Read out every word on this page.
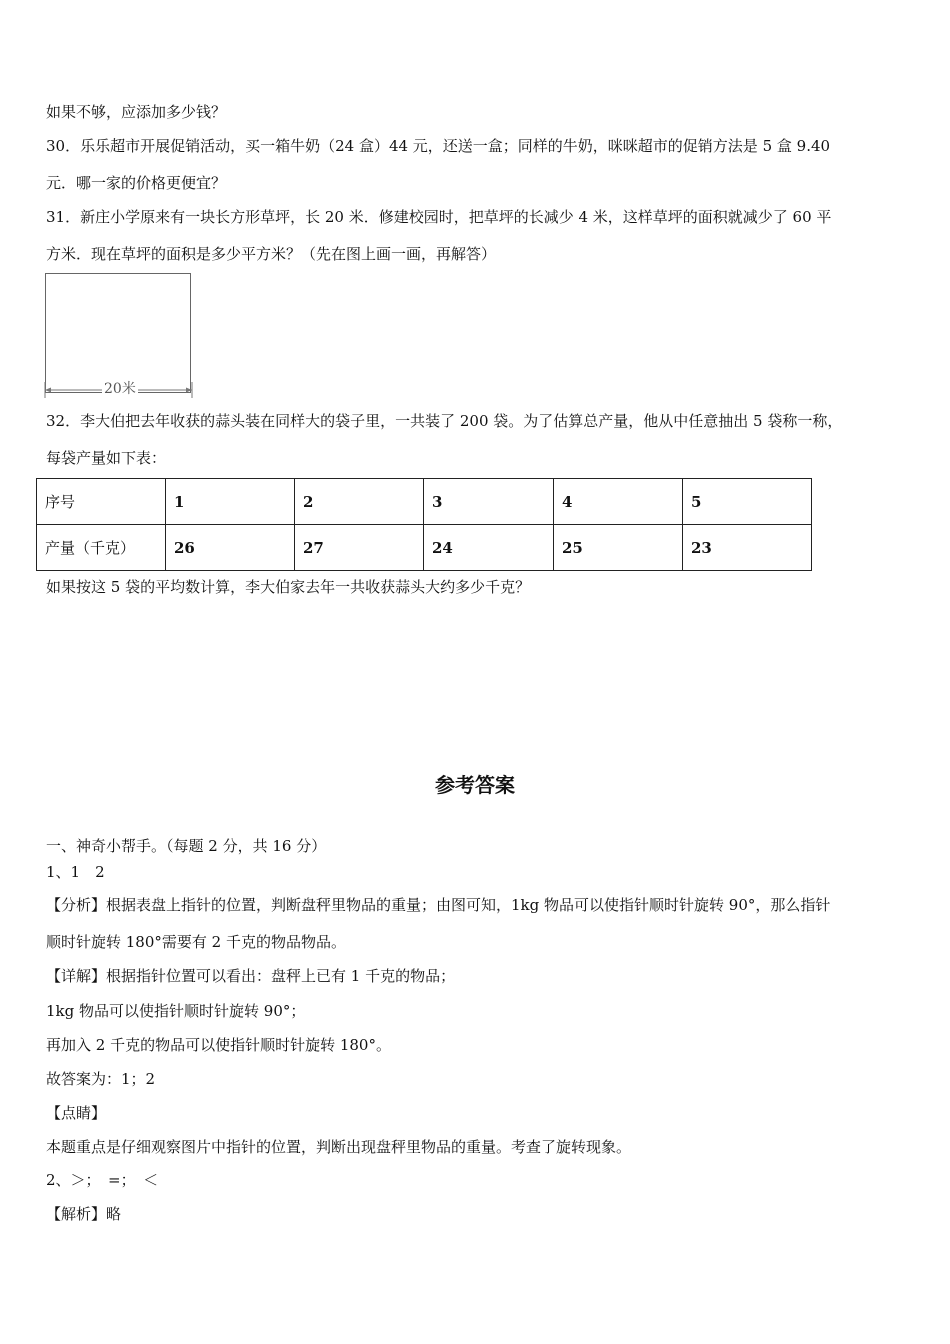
如果不够，应添加多少钱？
30．乐乐超市开展促销活动，买一箱牛奶（24 盒）44 元，还送一盒；同样的牛奶，咪咪超市的促销方法是 5 盒 9.40
元．哪一家的价格更便宜？
31．新庄小学原来有一块长方形草坪，长 20 米．修建校园时，把草坪的长减少 4 米，这样草坪的面积就减少了 60 平
方米．现在草坪的面积是多少平方米？（先在图上画一画，再解答）
20米
32．李大伯把去年收获的蒜头装在同样大的袋子里，一共装了 200 袋。为了估算总产量，他从中任意抽出 5 袋称一称，
每袋产量如下表：
序号	1	2	3	4	5
产量（千克）	26	27	24	25	23
如果按这 5 袋的平均数计算，李大伯家去年一共收获蒜头大约多少千克？
参考答案
一、神奇小帮手。（每题 2 分，共 16 分）
1、1　2
【分析】根据表盘上指针的位置，判断盘秤里物品的重量；由图可知，1kg 物品可以使指针顺时针旋转 90°，那么指针
顺时针旋转 180°需要有 2 千克的物品物品。
【详解】根据指针位置可以看出：盘秤上已有 1 千克的物品；
1kg 物品可以使指针顺时针旋转 90°；
再加入 2 千克的物品可以使指针顺时针旋转 180°。
故答案为：1；2
【点睛】
本题重点是仔细观察图片中指针的位置，判断出现盘秤里物品的重量。考查了旋转现象。
2、＞；　=；　＜
【解析】略
